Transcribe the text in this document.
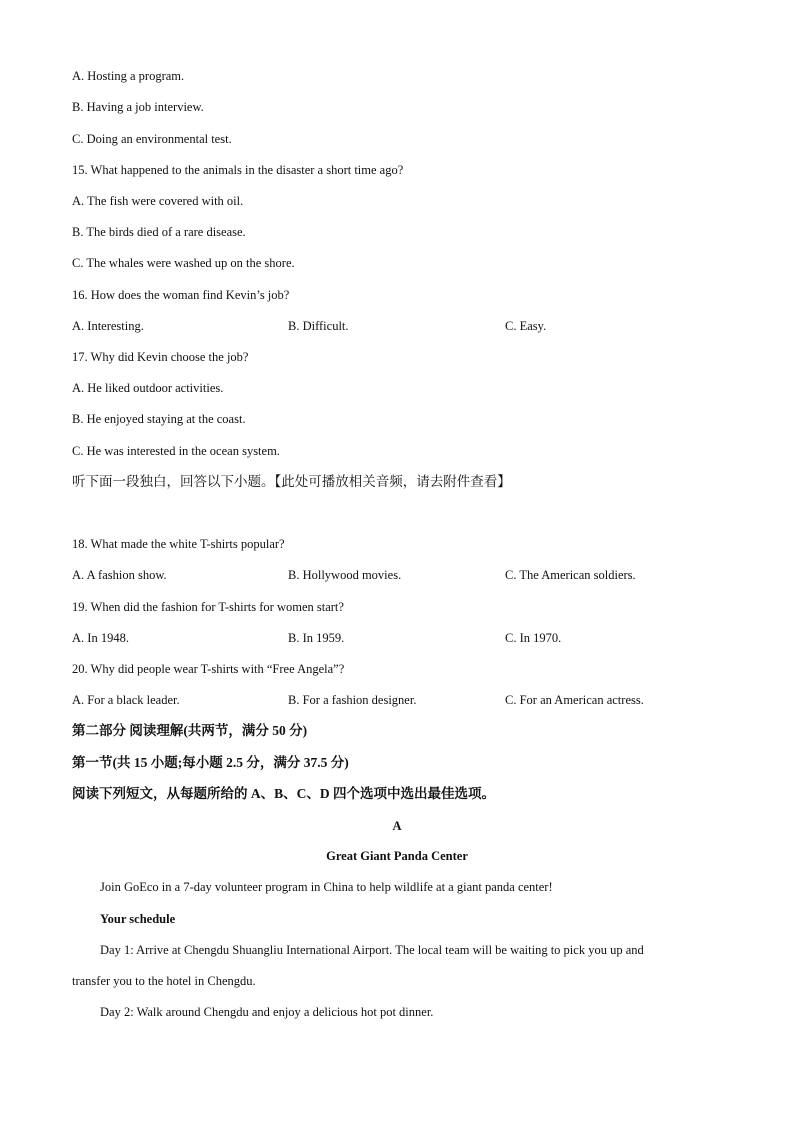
A. Hosting a program.
B. Having a job interview.
C. Doing an environmental test.
15. What happened to the animals in the disaster a short time ago?
A. The fish were covered with oil.
B. The birds died of a rare disease.
C. The whales were washed up on the shore.
16. How does the woman find Kevin’s job?
A. Interesting.	B. Difficult.	C. Easy.
17. Why did Kevin choose the job?
A. He liked outdoor activities.
B. He enjoyed staying at the coast.
C. He was interested in the ocean system.
听下面一段独白，回答以下小题。【此处可播放相关音频，请去附件查看】
18. What made the white T-shirts popular?
A. A fashion show.	B. Hollywood movies.	C. The American soldiers.
19. When did the fashion for T-shirts for women start?
A. In 1948.	B. In 1959.	C. In 1970.
20. Why did people wear T-shirts with “Free Angela”?
A. For a black leader.	B. For a fashion designer.	C. For an American actress.
第二部分 阅读理解(共两节，满分 50 分)
第一节(共 15 小题;每小题 2.5 分，满分 37.5 分)
阅读下列短文，从每题所给的 A、B、C、D 四个选项中选出最佳选项。
A
Great Giant Panda Center
Join GoEco in a 7-day volunteer program in China to help wildlife at a giant panda center!
Your schedule
Day 1: Arrive at Chengdu Shuangliu International Airport. The local team will be waiting to pick you up and
transfer you to the hotel in Chengdu.
Day 2: Walk around Chengdu and enjoy a delicious hot pot dinner.
